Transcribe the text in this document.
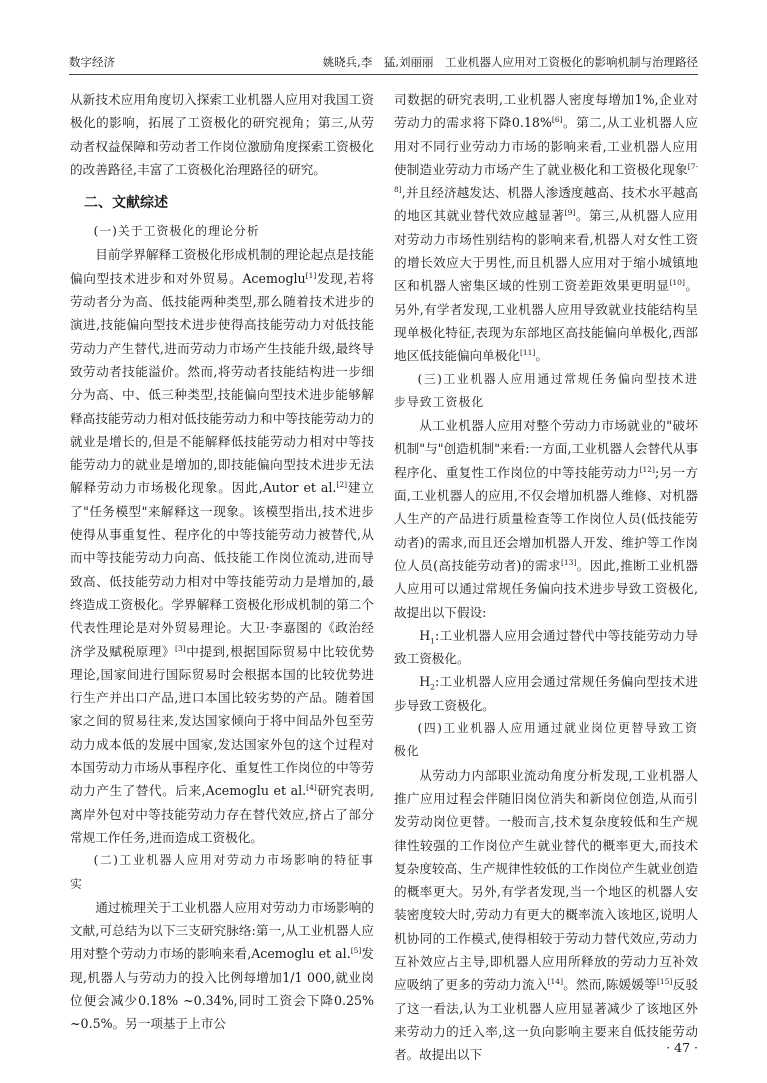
数字经济	姚晓兵,李　猛,刘丽丽　工业机器人应用对工资极化的影响机制与治理路径

从新技术应用角度切入探索工业机器人应用对我国工资极化的影响，拓展了工资极化的研究视角；第三,从劳动者权益保障和劳动者工作岗位激励角度探索工资极化的改善路径,丰富了工资极化治理路径的研究。

二、文献综述
(一)关于工资极化的理论分析

目前学界解释工资极化形成机制的理论起点是技能偏向型技术进步和对外贸易。Acemoglu[1]发现,若将劳动者分为高、低技能两种类型,那么随着技术进步的演进,技能偏向型技术进步使得高技能劳动力对低技能劳动力产生替代,进而劳动力市场产生技能升级,最终导致劳动者技能溢价。然而,将劳动者技能结构进一步细分为高、中、低三种类型,技能偏向型技术进步能够解释高技能劳动力相对低技能劳动力和中等技能劳动力的就业是增长的,但是不能解释低技能劳动力相对中等技能劳动力的就业是增加的,即技能偏向型技术进步无法解释劳动力市场极化现象。因此,Autor et al.[2]建立了"任务模型"来解释这一现象。该模型指出,技术进步使得从事重复性、程序化的中等技能劳动力被替代,从而中等技能劳动力向高、低技能工作岗位流动,进而导致高、低技能劳动力相对中等技能劳动力是增加的,最终造成工资极化。学界解释工资极化形成机制的第二个代表性理论是对外贸易理论。大卫·李嘉图的《政治经济学及赋税原理》[3]中提到,根据国际贸易中比较优势理论,国家间进行国际贸易时会根据本国的比较优势进行生产并出口产品,进口本国比较劣势的产品。随着国家之间的贸易往来,发达国家倾向于将中间品外包至劳动力成本低的发展中国家,发达国家外包的这个过程对本国劳动力市场从事程序化、重复性工作岗位的中等劳动力产生了替代。后来,Acemoglu et al.[4]研究表明,离岸外包对中等技能劳动力存在替代效应,挤占了部分常规工作任务,进而造成工资极化。

(二)工业机器人应用对劳动力市场影响的特征事实

通过梳理关于工业机器人应用对劳动力市场影响的文献,可总结为以下三支研究脉络:第一,从工业机器人应用对整个劳动力市场的影响来看,Acemoglu et al.[5]发现,机器人与劳动力的投入比例每增加1/1 000,就业岗位便会减少0.18% ~0.34%,同时工资会下降0.25% ~0.5%。另一项基于上市公

司数据的研究表明,工业机器人密度每增加1%,企业对劳动力的需求将下降0.18%[6]。第二,从工业机器人应用对不同行业劳动力市场的影响来看,工业机器人应用使制造业劳动力市场产生了就业极化和工资极化现象[7-8],并且经济越发达、机器人渗透度越高、技术水平越高的地区其就业替代效应越显著[9]。第三,从机器人应用对劳动力市场性别结构的影响来看,机器人对女性工资的增长效应大于男性,而且机器人应用对于缩小城镇地区和机器人密集区域的性别工资差距效果更明显[10]。另外,有学者发现,工业机器人应用导致就业技能结构呈现单极化特征,表现为东部地区高技能偏向单极化,西部地区低技能偏向单极化[11]。

(三)工业机器人应用通过常规任务偏向型技术进步导致工资极化

从工业机器人应用对整个劳动力市场就业的"破坏机制"与"创造机制"来看:一方面,工业机器人会替代从事程序化、重复性工作岗位的中等技能劳动力[12];另一方面,工业机器人的应用,不仅会增加机器人维修、对机器人生产的产品进行质量检查等工作岗位人员(低技能劳动者)的需求,而且还会增加机器人开发、维护等工作岗位人员(高技能劳动者)的需求[13]。因此,推断工业机器人应用可以通过常规任务偏向技术进步导致工资极化,故提出以下假设:

$H_1$:工业机器人应用会通过替代中等技能劳动力导致工资极化。

$H_2$:工业机器人应用会通过常规任务偏向型技术进步导致工资极化。

(四)工业机器人应用通过就业岗位更替导致工资极化

从劳动力内部职业流动角度分析发现,工业机器人推广应用过程会伴随旧岗位消失和新岗位创造,从而引发劳动岗位更替。一般而言,技术复杂度较低和生产规律性较强的工作岗位产生就业替代的概率更大,而技术复杂度较高、生产规律性较低的工作岗位产生就业创造的概率更大。另外,有学者发现,当一个地区的机器人安装密度较大时,劳动力有更大的概率流入该地区,说明人机协同的工作模式,使得相较于劳动力替代效应,劳动力互补效应占主导,即机器人应用所释放的劳动力互补效应吸纳了更多的劳动力流入[14]。然而,陈媛媛等[15]反驳了这一看法,认为工业机器人应用显著减少了该地区外来劳动力的迁入率,这一负向影响主要来自低技能劳动者。故提出以下	· 47 ·
